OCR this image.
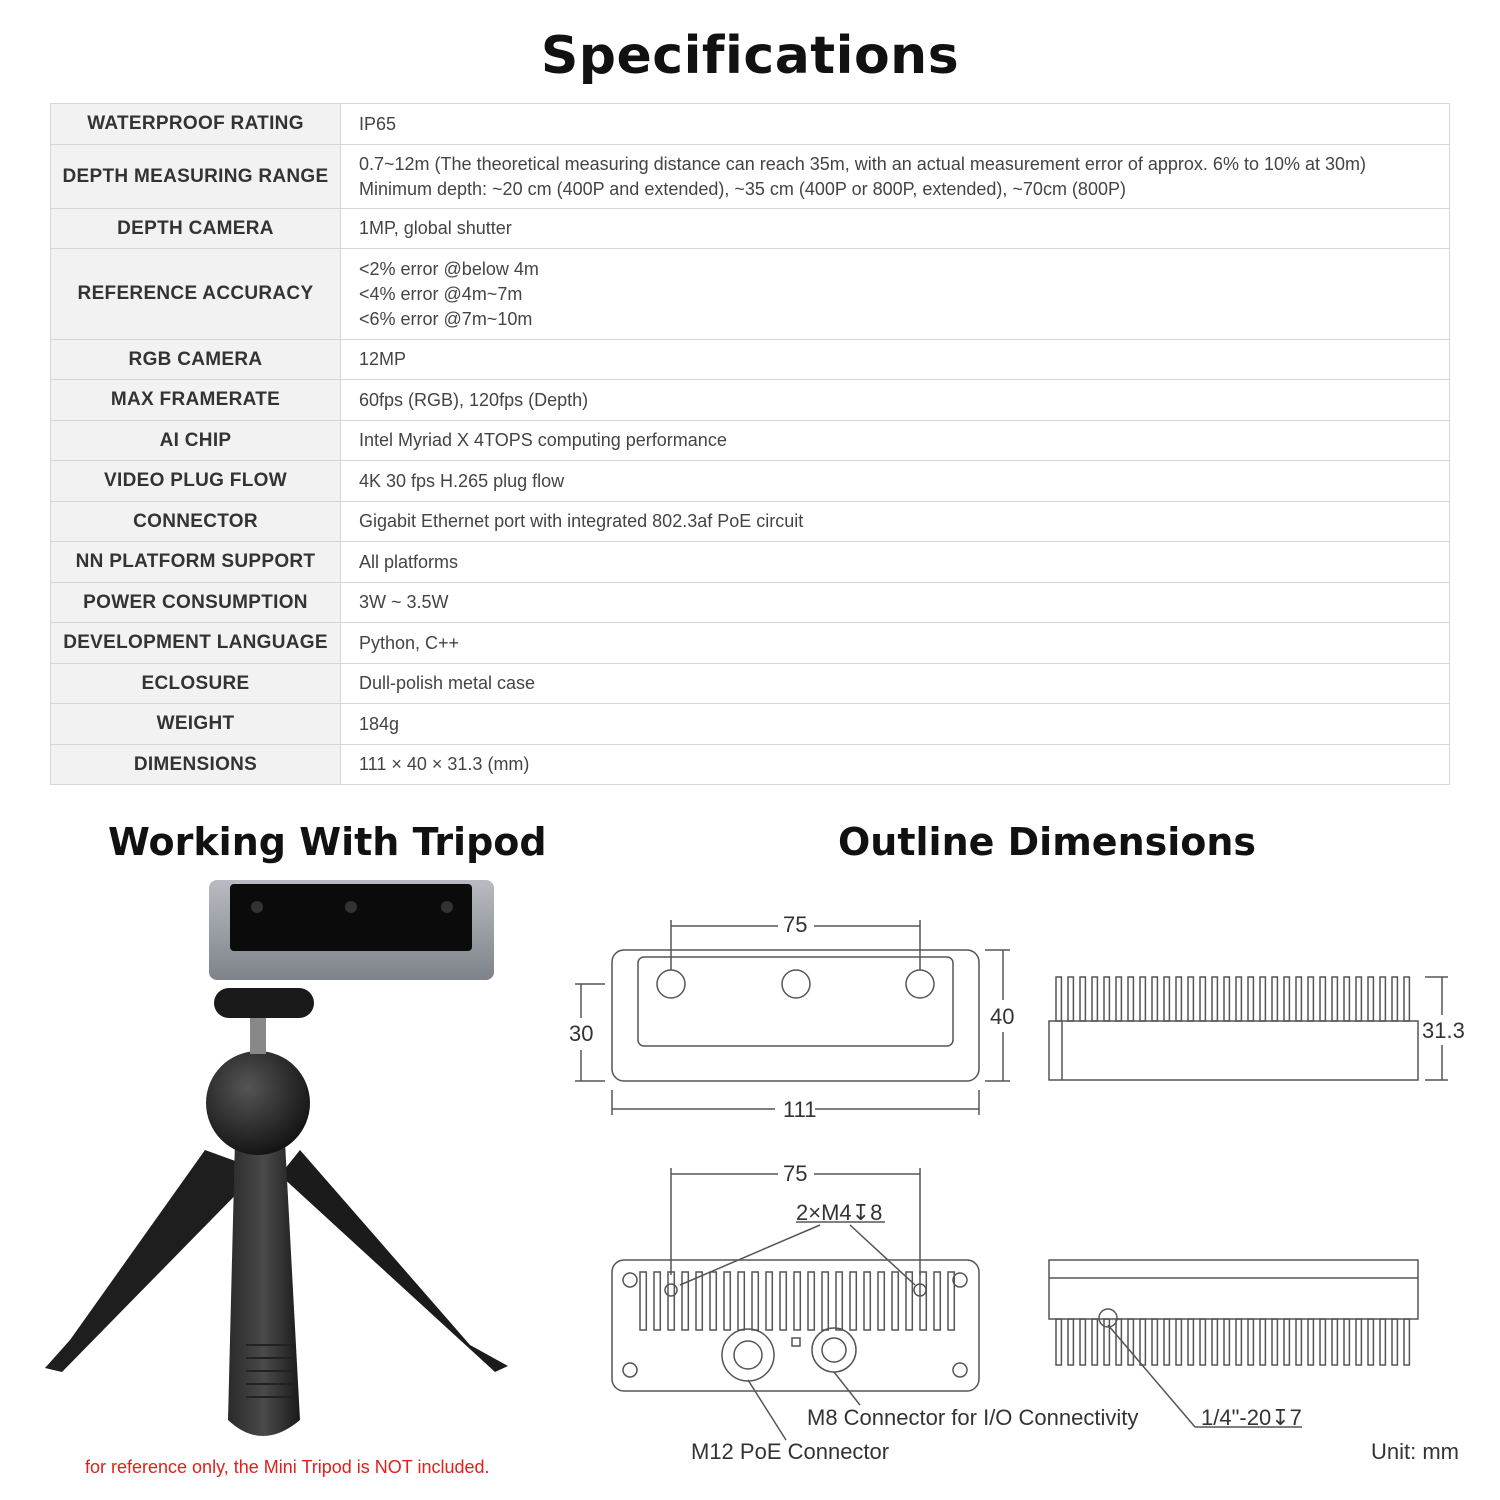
Specifications
WATERPROOF RATING	IP65

DEPTH MEASURING RANGE	0.7~12m (The theoretical measuring distance can reach 35m, with an actual measurement error of approx. 6% to 10% at 30m)
Minimum depth: ~20 cm (400P and extended), ~35 cm (400P or 800P, extended), ~70cm (800P)

DEPTH CAMERA	1MP, global shutter

REFERENCE ACCURACY	<2% error @below 4m
<4% error @4m~7m
<6% error @7m~10m

RGB CAMERA	12MP

MAX FRAMERATE	60fps (RGB), 120fps (Depth)

AI CHIP	Intel Myriad X 4TOPS computing performance

VIDEO PLUG FLOW	4K 30 fps H.265 plug flow

CONNECTOR	Gigabit Ethernet port with integrated 802.3af PoE circuit

NN PLATFORM SUPPORT	All platforms

POWER CONSUMPTION	3W ~ 3.5W

DEVELOPMENT LANGUAGE	Python, C++

ECLOSURE	Dull-polish metal case

WEIGHT	184g

DIMENSIONS	111 × 40 × 31.3 (mm)
Working With Tripod	Outline Dimensions
75
40
30
111
31.3
75
2×M4↧8
M8 Connector for I/O Connectivity
M12 PoE Connector
1/4"-20↧7
Unit: mm
for reference only, the Mini Tripod is NOT included.
